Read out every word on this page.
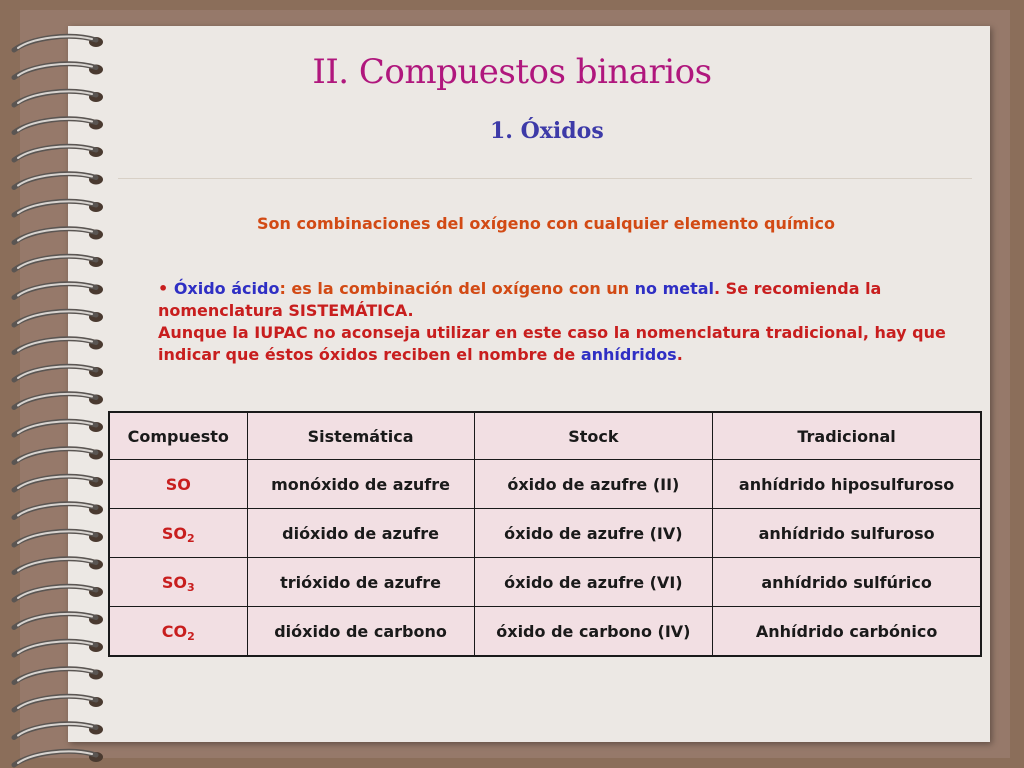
II. Compuestos binarios
1. Óxidos
Son combinaciones del oxígeno con cualquier elemento químico
• Óxido ácido: es la combinación del oxígeno con un no metal. Se recomienda la nomenclatura SISTEMÁTICA.
Aunque la IUPAC no aconseja utilizar en este caso la nomenclatura tradicional, hay que indicar que éstos óxidos reciben el nombre de anhídridos.
Compuesto	Sistemática	Stock	Tradicional
SO	monóxido de azufre	óxido de azufre (II)	anhídrido hiposulfuroso
$SO_2$	dióxido de azufre	óxido de azufre (IV)	anhídrido sulfuroso
$SO_3$	trióxido de azufre	óxido de azufre (VI)	anhídrido sulfúrico
$CO_2$	dióxido de carbono	óxido de carbono (IV)	Anhídrido carbónico
